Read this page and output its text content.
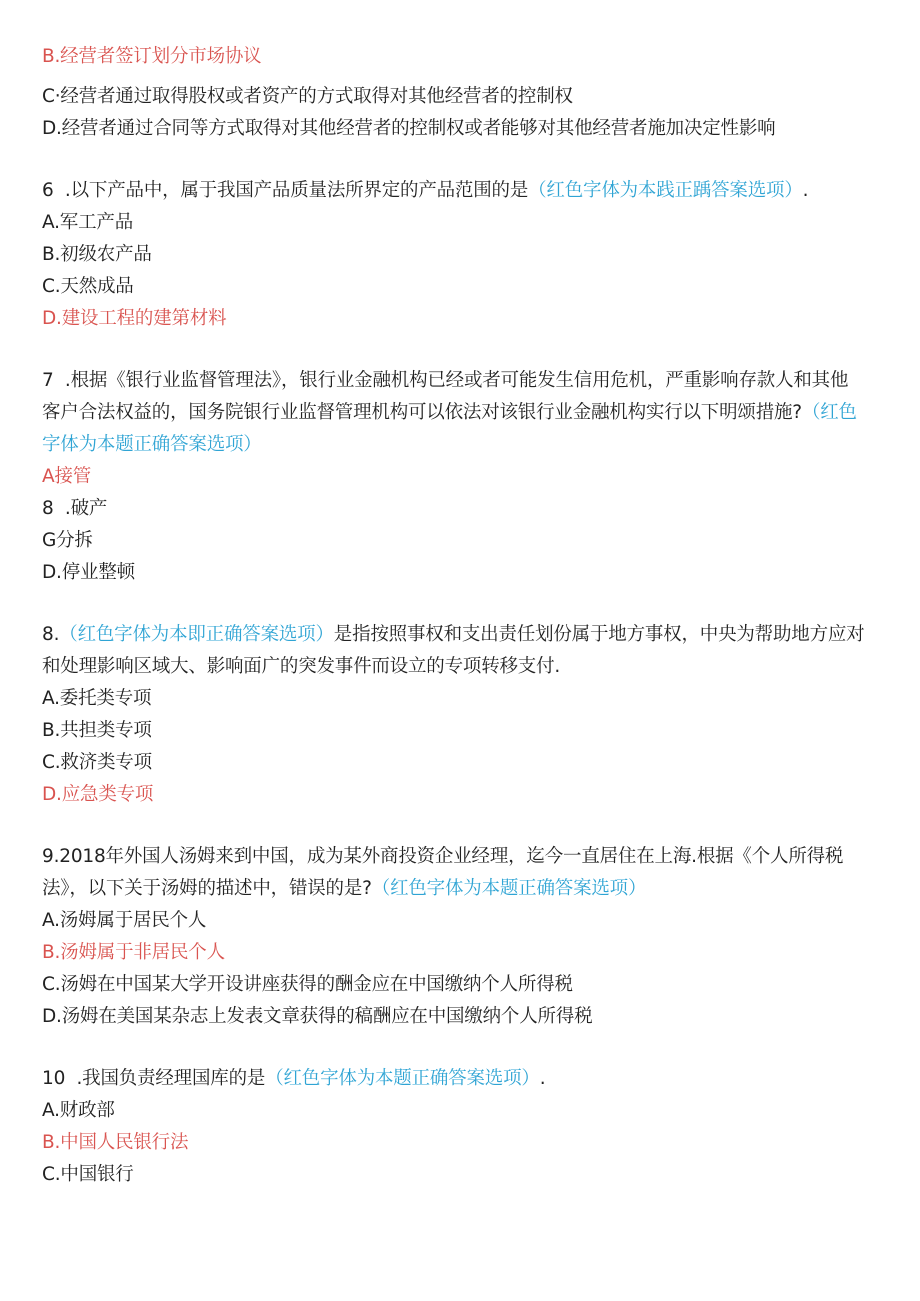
B.经营者签订划分市场协议
C·经营者通过取得股权或者资产的方式取得对其他经营者的控制权
D.经营者通过合同等方式取得对其他经营者的控制权或者能够对其他经营者施加决定性影响
6  .以下产品中，属于我国产品质量法所界定的产品范围的是（红色字体为本践正踽答案选项）.
A.军工产品
B.初级农产品
C.天然成品
D.建设工程的建第材料
7  .根据《银行业监督管理法》，银行业金融机构已经或者可能发生信用危机，严重影响存款人和其他
客户合法权益的，国务院银行业监督管理机构可以依法对该银行业金融机构实行以下明颂措施?（红色
字体为本题正确答案选项）
A接管
8  .破产
G分拆
D.停业整顿
8.（红色字体为本即正确答案选项）是指按照事权和支出责任划份属于地方事权，中央为帮助地方应对
和处理影响区域大、影响面广的突发事件而设立的专项转移支付.
A.委托类专项
B.共担类专项
C.救济类专项
D.应急类专项
9.2018年外国人汤姆来到中国，成为某外商投资企业经理，迄今一直居住在上海.根据《个人所得税
法》，以下关于汤姆的描述中，错误的是?（红色字体为本题正确答案选项）
A.汤姆属于居民个人
B.汤姆属于非居民个人
C.汤姆在中国某大学开设讲座获得的酬金应在中国缴纳个人所得税
D.汤姆在美国某杂志上发表文章获得的稿酬应在中国缴纳个人所得税
10  .我国负责经理国库的是（红色字体为本题正确答案选项）.
A.财政部
B.中国人民银行法
C.中国银行
